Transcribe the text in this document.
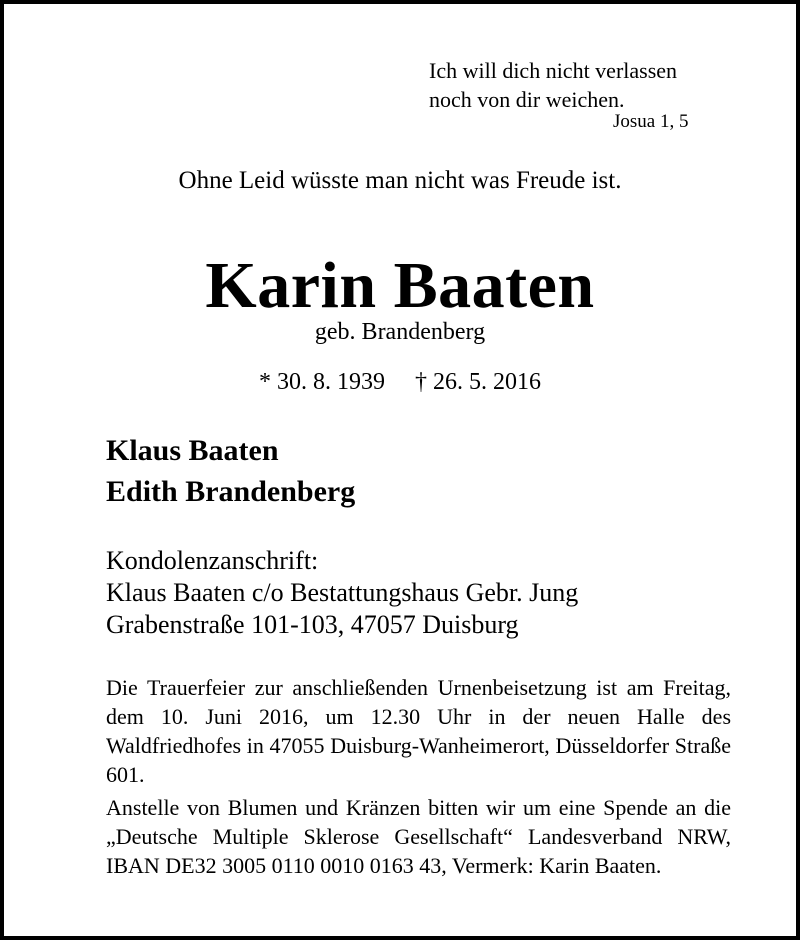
Ich will dich nicht verlassen
noch von dir weichen.
Josua 1, 5
Ohne Leid wüsste man nicht was Freude ist.
Karin Baaten
geb. Brandenberg
* 30. 8. 1939 † 26. 5. 2016
Klaus Baaten
Edith Brandenberg
Kondolenzanschrift:
Klaus Baaten c/o Bestattungshaus Gebr. Jung
Grabenstraße 101-103, 47057 Duisburg
Die Trauerfeier zur anschließenden Urnenbeisetzung ist am Freitag, dem 10. Juni 2016, um 12.30 Uhr in der neuen Halle des Waldfriedhofes in 47055 Duisburg-Wanheimerort, Düsseldorfer Straße 601.
Anstelle von Blumen und Kränzen bitten wir um eine Spende an die „Deutsche Multiple Sklerose Gesellschaft“ Landesverband NRW, IBAN DE32 3005 0110 0010 0163 43, Vermerk: Karin Baaten.
